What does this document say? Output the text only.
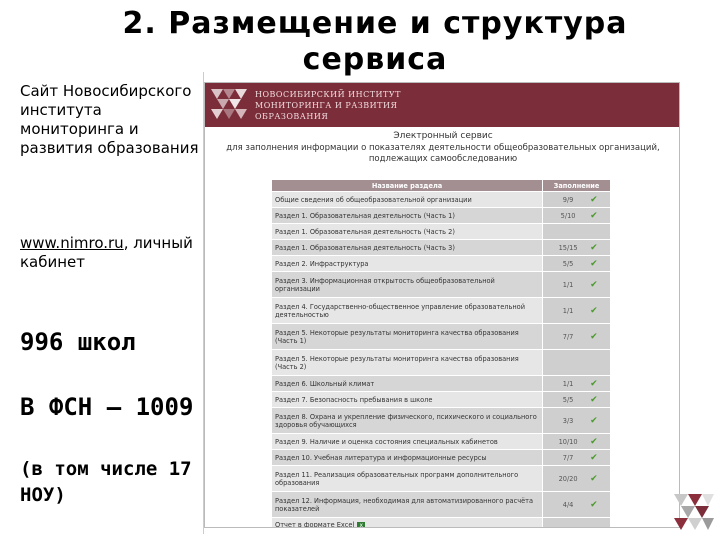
2. Размещение и структура сервиса
Сайт Новосибирского института мониторинга и развития образования
www.nimro.ru, личный кабинет
996 школ
В ФСН – 1009
(в том числе 17 НОУ)
НОВОСИБИРСКИЙ ИНСТИТУТ
МОНИТОРИНГА И РАЗВИТИЯ
ОБРАЗОВАНИЯ
Электронный сервис
для заполнения информации о показателях деятельности общеобразовательных организаций,
подлежащих самообследованию
Название раздела	Заполнение
Общие сведения об общеобразовательной организации	9/9 ✔
Раздел 1. Образовательная деятельность (Часть 1)	5/10 ✔
Раздел 1. Образовательная деятельность (Часть 2)	
Раздел 1. Образовательная деятельность (Часть 3)	15/15 ✔
Раздел 2. Инфраструктура	5/5 ✔
Раздел 3. Информационная открытость общеобразовательной организации	1/1 ✔
Раздел 4. Государственно-общественное управление образовательной деятельностью	1/1 ✔
Раздел 5. Некоторые результаты мониторинга качества образования (Часть 1)	7/7 ✔
Раздел 5. Некоторые результаты мониторинга качества образования (Часть 2)	
Раздел 6. Школьный климат	1/1 ✔
Раздел 7. Безопасность пребывания в школе	5/5 ✔
Раздел 8. Охрана и укрепление физического, психического и социального здоровья обучающихся	3/3 ✔
Раздел 9. Наличие и оценка состояния специальных кабинетов	10/10 ✔
Раздел 10. Учебная литература и информационные ресурсы	7/7 ✔
Раздел 11. Реализация образовательных программ дополнительного образования	20/20 ✔
Раздел 12. Информация, необходимая для автоматизированного расчёта показателей	4/4 ✔
Отчет в формате Excel x	
